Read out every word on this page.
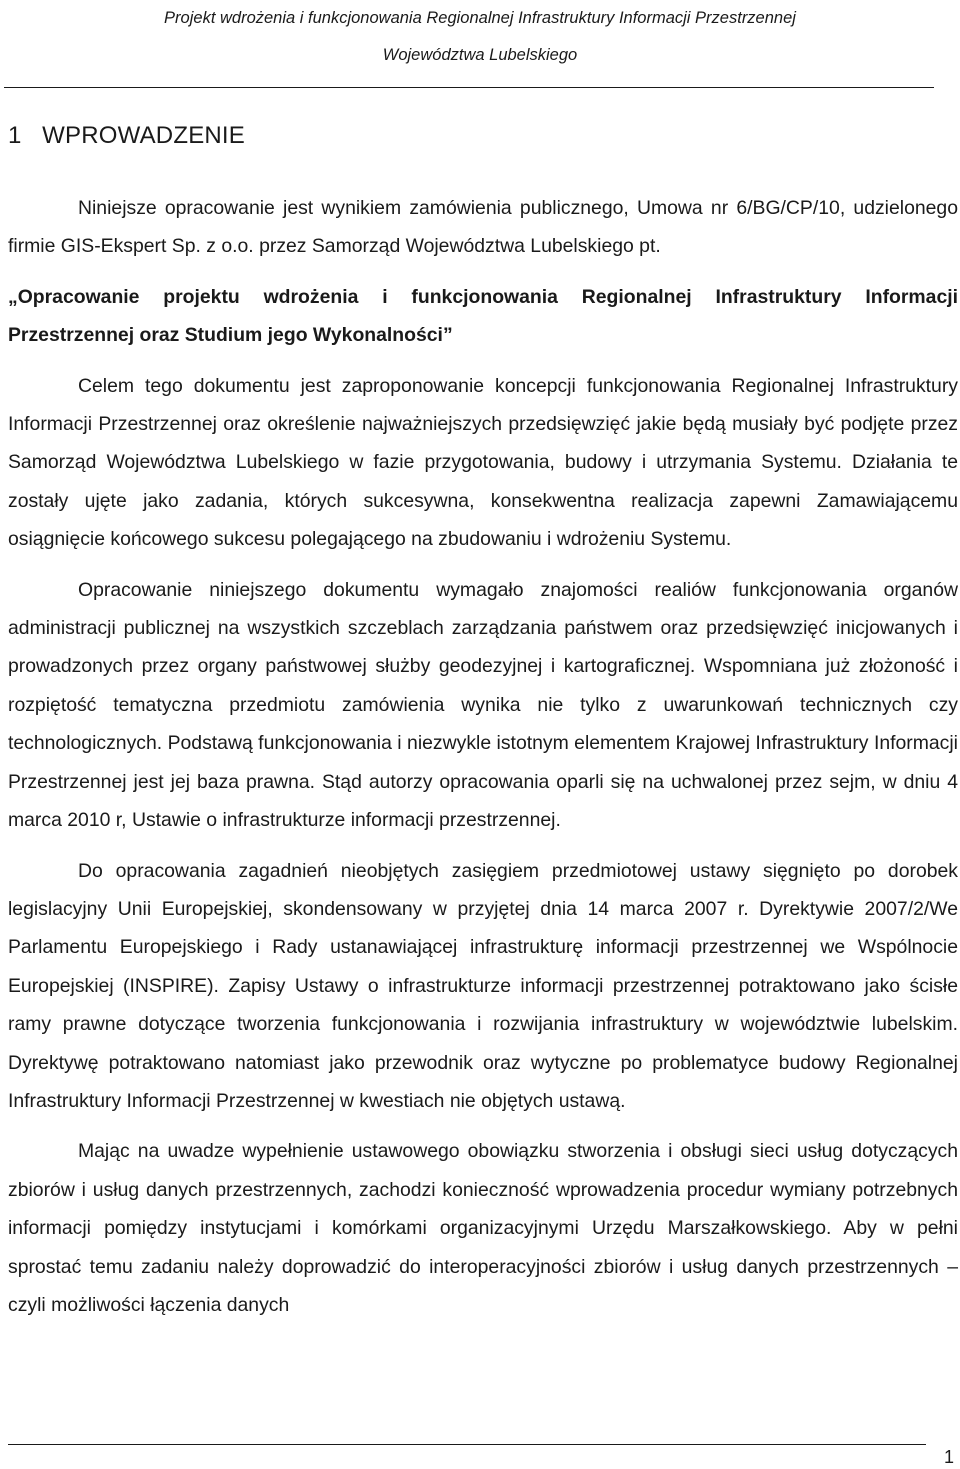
Projekt wdrożenia i funkcjonowania Regionalnej Infrastruktury Informacji Przestrzennej
Województwa Lubelskiego
1 WPROWADZENIE

Niniejsze opracowanie jest wynikiem zamówienia publicznego, Umowa nr 6/BG/CP/10, udzielonego firmie GIS-Ekspert Sp. z o.o. przez Samorząd Województwa Lubelskiego pt.

„Opracowanie projektu wdrożenia i funkcjonowania Regionalnej Infrastruktury Informacji Przestrzennej oraz Studium jego Wykonalności”

Celem tego dokumentu jest zaproponowanie koncepcji funkcjonowania Regionalnej Infrastruktury Informacji Przestrzennej oraz określenie najważniejszych przedsięwzięć jakie będą musiały być podjęte przez Samorząd Województwa Lubelskiego w fazie przygotowania, budowy i utrzymania Systemu. Działania te zostały ujęte jako zadania, których sukcesywna, konsekwentna realizacja zapewni Zamawiającemu osiągnięcie końcowego sukcesu polegającego na zbudowaniu i wdrożeniu Systemu.

Opracowanie niniejszego dokumentu wymagało znajomości realiów funkcjonowania organów administracji publicznej na wszystkich szczeblach zarządzania państwem oraz przedsięwzięć inicjowanych i prowadzonych przez organy państwowej służby geodezyjnej i kartograficznej. Wspomniana już złożoność i rozpiętość tematyczna przedmiotu zamówienia wynika nie tylko z uwarunkowań technicznych czy technologicznych. Podstawą funkcjonowania i niezwykle istotnym elementem Krajowej Infrastruktury Informacji Przestrzennej jest jej baza prawna. Stąd autorzy opracowania oparli się na uchwalonej przez sejm, w dniu 4 marca 2010 r, Ustawie o infrastrukturze informacji przestrzennej.

Do opracowania zagadnień nieobjętych zasięgiem przedmiotowej ustawy sięgnięto po dorobek legislacyjny Unii Europejskiej, skondensowany w przyjętej dnia 14 marca 2007 r. Dyrektywie 2007/2/We Parlamentu Europejskiego i Rady ustanawiającej infrastrukturę informacji przestrzennej we Wspólnocie Europejskiej (INSPIRE). Zapisy Ustawy o infrastrukturze informacji przestrzennej potraktowano jako ścisłe ramy prawne dotyczące tworzenia funkcjonowania i rozwijania infrastruktury w województwie lubelskim. Dyrektywę potraktowano natomiast jako przewodnik oraz wytyczne po problematyce budowy Regionalnej Infrastruktury Informacji Przestrzennej w kwestiach nie objętych ustawą.

Mając na uwadze wypełnienie ustawowego obowiązku stworzenia i obsługi sieci usług dotyczących zbiorów i usług danych przestrzennych, zachodzi konieczność wprowadzenia procedur wymiany potrzebnych informacji pomiędzy instytucjami i komórkami organizacyjnymi Urzędu Marszałkowskiego. Aby w pełni sprostać temu zadaniu należy doprowadzić do interoperacyjności zbiorów i usług danych przestrzennych – czyli możliwości łączenia danych

1
